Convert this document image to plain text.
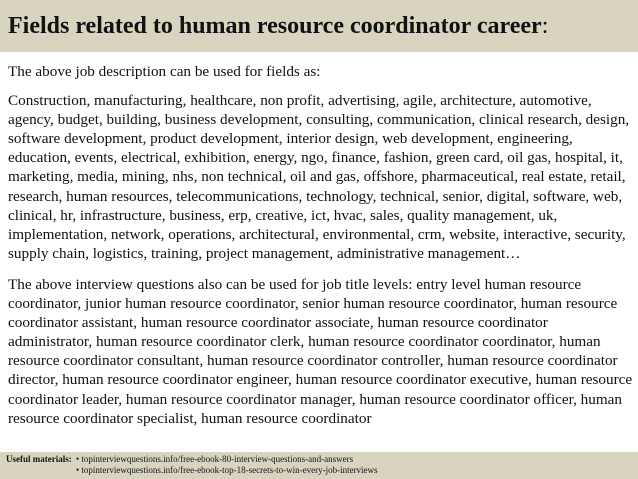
Fields related to human resource coordinator career:

The above job description can be used for fields as:

Construction, manufacturing, healthcare, non profit, advertising, agile, architecture, automotive, agency, budget, building, business development, consulting, communication, clinical research, design, software development, product development, interior design, web development, engineering, education, events, electrical, exhibition, energy, ngo, finance, fashion, green card, oil gas, hospital, it, marketing, media, mining, nhs, non technical, oil and gas, offshore, pharmaceutical, real estate, retail, research, human resources, telecommunications, technology, technical, senior, digital, software, web, clinical, hr, infrastructure, business, erp, creative, ict, hvac, sales, quality management, uk, implementation, network, operations, architectural, environmental, crm, website, interactive, security, supply chain, logistics, training, project management, administrative management…

The above interview questions also can be used for job title levels: entry level human resource coordinator, junior human resource coordinator, senior human resource coordinator, human resource coordinator assistant, human resource coordinator associate, human resource coordinator administrator, human resource coordinator clerk, human resource coordinator coordinator, human resource coordinator consultant, human resource coordinator controller, human resource coordinator director, human resource coordinator engineer, human resource coordinator executive, human resource coordinator leader, human resource coordinator manager, human resource coordinator officer, human resource coordinator specialist, human resource coordinator

Useful materials: • topinterviewquestions.info/free-ebook-80-interview-questions-and-answers
• topinterviewquestions.info/free-ebook-top-18-secrets-to-win-every-job-interviews
